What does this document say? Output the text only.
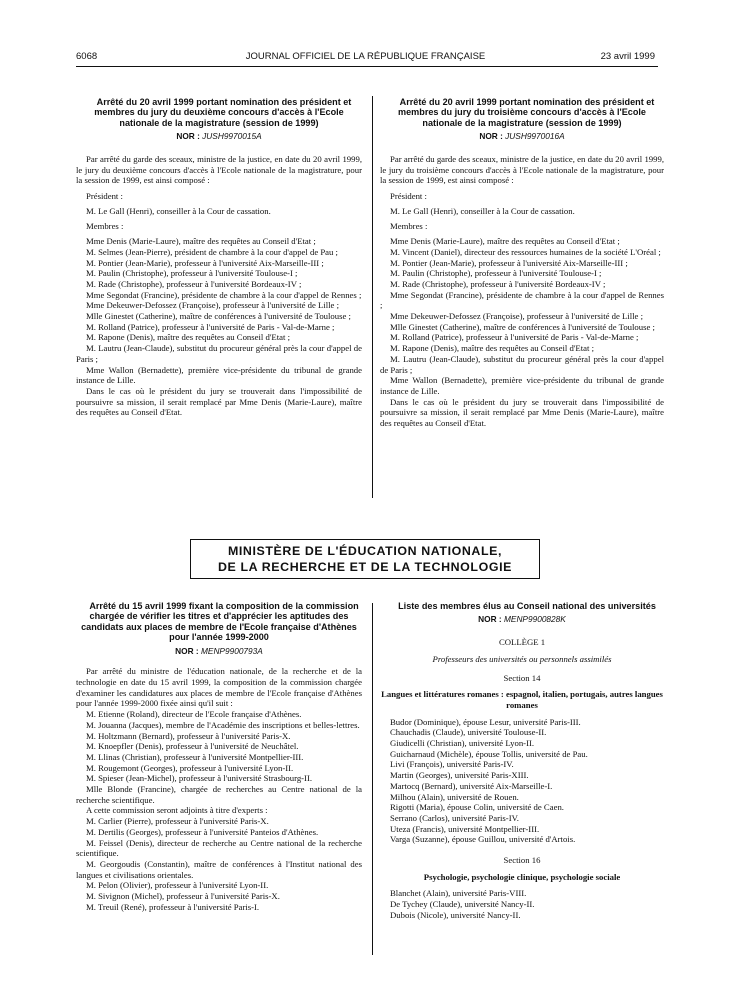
6068	JOURNAL OFFICIEL DE LA RÉPUBLIQUE FRANÇAISE	23 avril 1999

Arrêté du 20 avril 1999 portant nomination des président et membres du jury du deuxième concours d'accès à l'Ecole nationale de la magistrature (session de 1999)

NOR : JUSH9970015A

Par arrêté du garde des sceaux, ministre de la justice, en date du 20 avril 1999, le jury du deuxième concours d'accès à l'Ecole nationale de la magistrature, pour la session de 1999, est ainsi composé :

Président :

M. Le Gall (Henri), conseiller à la Cour de cassation.

Membres :

Mme Denis (Marie-Laure), maître des requêtes au Conseil d'Etat ;

M. Selmes (Jean-Pierre), président de chambre à la cour d'appel de Pau ;

M. Pontier (Jean-Marie), professeur à l'université Aix-Marseille-III ;

M. Paulin (Christophe), professeur à l'université Toulouse-I ;

M. Rade (Christophe), professeur à l'université Bordeaux-IV ;

Mme Segondat (Francine), présidente de chambre à la cour d'appel de Rennes ;

Mme Dekeuwer-Defossez (Françoise), professeur à l'université de Lille ;

Mlle Ginestet (Catherine), maître de conférences à l'université de Toulouse ;

M. Rolland (Patrice), professeur à l'université de Paris - Val-de-Marne ;

M. Rapone (Denis), maître des requêtes au Conseil d'Etat ;

M. Lautru (Jean-Claude), substitut du procureur général près la cour d'appel de Paris ;

Mme Wallon (Bernadette), première vice-présidente du tribunal de grande instance de Lille.

Dans le cas où le président du jury se trouverait dans l'impossibilité de poursuivre sa mission, il serait remplacé par Mme Denis (Marie-Laure), maître des requêtes au Conseil d'Etat.

Arrêté du 20 avril 1999 portant nomination des président et membres du jury du troisième concours d'accès à l'Ecole nationale de la magistrature (session de 1999)

NOR : JUSH9970016A

Par arrêté du garde des sceaux, ministre de la justice, en date du 20 avril 1999, le jury du troisième concours d'accès à l'Ecole nationale de la magistrature, pour la session de 1999, est ainsi composé :

Président :

M. Le Gall (Henri), conseiller à la Cour de cassation.

Membres :

Mme Denis (Marie-Laure), maître des requêtes au Conseil d'Etat ;

M. Vincent (Daniel), directeur des ressources humaines de la société L'Oréal ;

M. Pontier (Jean-Marie), professeur à l'université Aix-Marseille-III ;

M. Paulin (Christophe), professeur à l'université Toulouse-I ;

M. Rade (Christophe), professeur à l'université Bordeaux-IV ;

Mme Segondat (Francine), présidente de chambre à la cour d'appel de Rennes ;

Mme Dekeuwer-Defossez (Françoise), professeur à l'université de Lille ;

Mlle Ginestet (Catherine), maître de conférences à l'université de Toulouse ;

M. Rolland (Patrice), professeur à l'université de Paris - Val-de-Marne ;

M. Rapone (Denis), maître des requêtes au Conseil d'Etat ;

M. Lautru (Jean-Claude), substitut du procureur général près la cour d'appel de Paris ;

Mme Wallon (Bernadette), première vice-présidente du tribunal de grande instance de Lille.

Dans le cas où le président du jury se trouverait dans l'impossibilité de poursuivre sa mission, il serait remplacé par Mme Denis (Marie-Laure), maître des requêtes au Conseil d'Etat.

MINISTÈRE DE L'ÉDUCATION NATIONALE,
DE LA RECHERCHE ET DE LA TECHNOLOGIE

Arrêté du 15 avril 1999 fixant la composition de la commission chargée de vérifier les titres et d'apprécier les aptitudes des candidats aux places de membre de l'Ecole française d'Athènes pour l'année 1999-2000

NOR : MENP9900793A

Par arrêté du ministre de l'éducation nationale, de la recherche et de la technologie en date du 15 avril 1999, la composition de la commission chargée d'examiner les candidatures aux places de membre de l'Ecole française d'Athènes pour l'année 1999-2000 fixée ainsi qu'il suit :

M. Etienne (Roland), directeur de l'Ecole française d'Athènes.

M. Jouanna (Jacques), membre de l'Académie des inscriptions et belles-lettres.

M. Holtzmann (Bernard), professeur à l'université Paris-X.

M. Knoepfler (Denis), professeur à l'université de Neuchâtel.

M. Llinas (Christian), professeur à l'université Montpellier-III.

M. Rougemont (Georges), professeur à l'université Lyon-II.

M. Spieser (Jean-Michel), professeur à l'université Strasbourg-II.

Mlle Blonde (Francine), chargée de recherches au Centre national de la recherche scientifique.

A cette commission seront adjoints à titre d'experts :

M. Carlier (Pierre), professeur à l'université Paris-X.

M. Dertilis (Georges), professeur à l'université Panteios d'Athènes.

M. Feissel (Denis), directeur de recherche au Centre national de la recherche scientifique.

M. Georgoudis (Constantin), maître de conférences à l'Institut national des langues et civilisations orientales.

M. Pelon (Olivier), professeur à l'université Lyon-II.

M. Sivignon (Michel), professeur à l'université Paris-X.

M. Treuil (René), professeur à l'université Paris-I.

Liste des membres élus au Conseil national des universités

NOR : MENP9900828K

COLLÈGE 1

Professeurs des universités ou personnels assimilés

Section 14

Langues et littératures romanes : espagnol, italien, portugais, autres langues romanes

Budor (Dominique), épouse Lesur, université Paris-III.

Chauchadis (Claude), université Toulouse-II.

Giudicelli (Christian), université Lyon-II.

Guicharnaud (Michèle), épouse Tollis, université de Pau.

Livi (François), université Paris-IV.

Martin (Georges), université Paris-XIII.

Martocq (Bernard), université Aix-Marseille-I.

Milhou (Alain), université de Rouen.

Rigotti (Maria), épouse Colin, université de Caen.

Serrano (Carlos), université Paris-IV.

Uteza (Francis), université Montpellier-III.

Varga (Suzanne), épouse Guillou, université d'Artois.

Section 16

Psychologie, psychologie clinique, psychologie sociale

Blanchet (Alain), université Paris-VIII.

De Tychey (Claude), université Nancy-II.

Dubois (Nicole), université Nancy-II.
